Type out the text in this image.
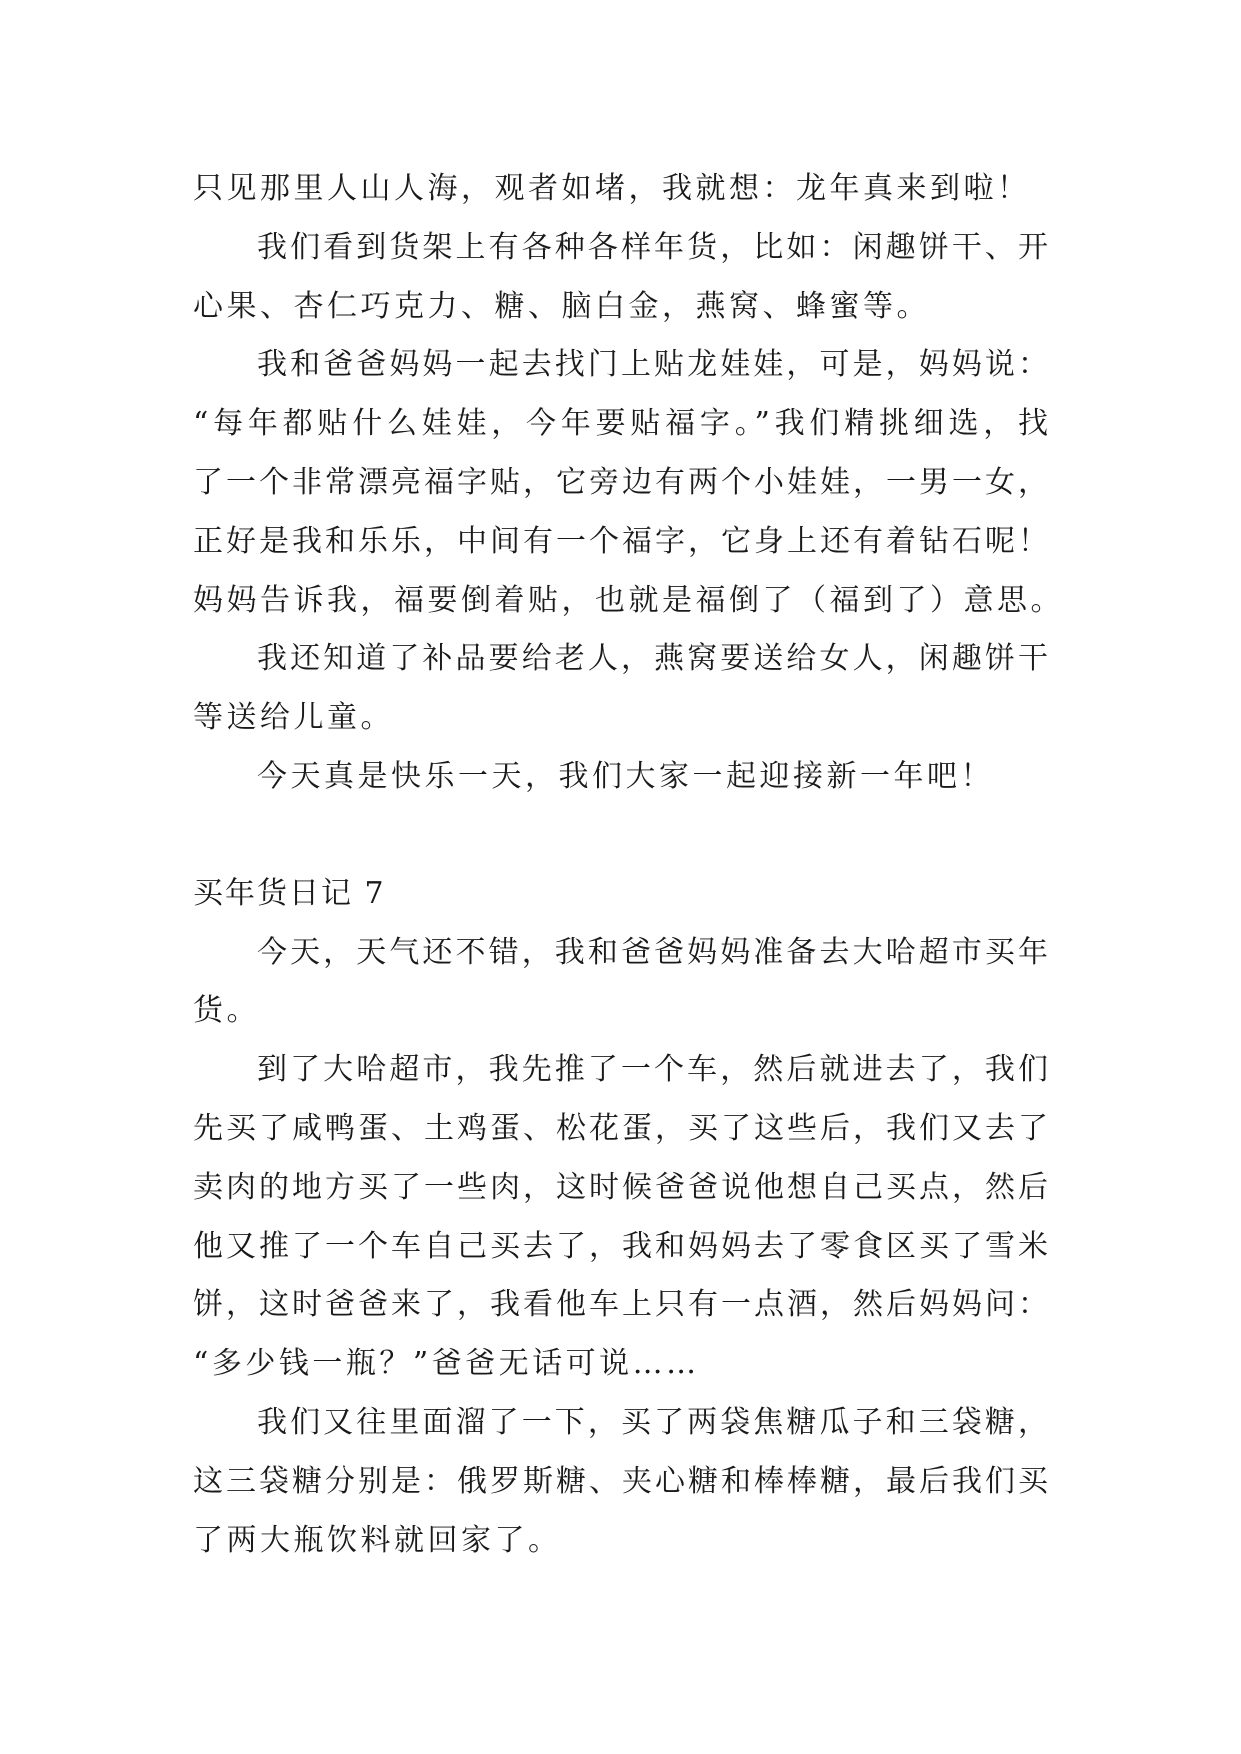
只见那里人山人海，观者如堵，我就想：龙年真来到啦！

我们看到货架上有各种各样年货，比如：闲趣饼干、开
心果、杏仁巧克力、糖、脑白金，燕窝、蜂蜜等。

我和爸爸妈妈一起去找门上贴龙娃娃，可是，妈妈说：
“每年都贴什么娃娃，今年要贴福字。”我们精挑细选，找
了一个非常漂亮福字贴，它旁边有两个小娃娃，一男一女，
正好是我和乐乐，中间有一个福字，它身上还有着钻石呢！
妈妈告诉我，福要倒着贴，也就是福倒了（福到了）意思。

我还知道了补品要给老人，燕窝要送给女人，闲趣饼干
等送给儿童。

今天真是快乐一天，我们大家一起迎接新一年吧！

买年货日记 7

今天，天气还不错，我和爸爸妈妈准备去大哈超市买年
货。

到了大哈超市，我先推了一个车，然后就进去了，我们
先买了咸鸭蛋、土鸡蛋、松花蛋，买了这些后，我们又去了
卖肉的地方买了一些肉，这时候爸爸说他想自己买点，然后
他又推了一个车自己买去了，我和妈妈去了零食区买了雪米
饼，这时爸爸来了，我看他车上只有一点酒，然后妈妈问：
“多少钱一瓶？”爸爸无话可说……

我们又往里面溜了一下，买了两袋焦糖瓜子和三袋糖，
这三袋糖分别是：俄罗斯糖、夹心糖和棒棒糖，最后我们买
了两大瓶饮料就回家了。
